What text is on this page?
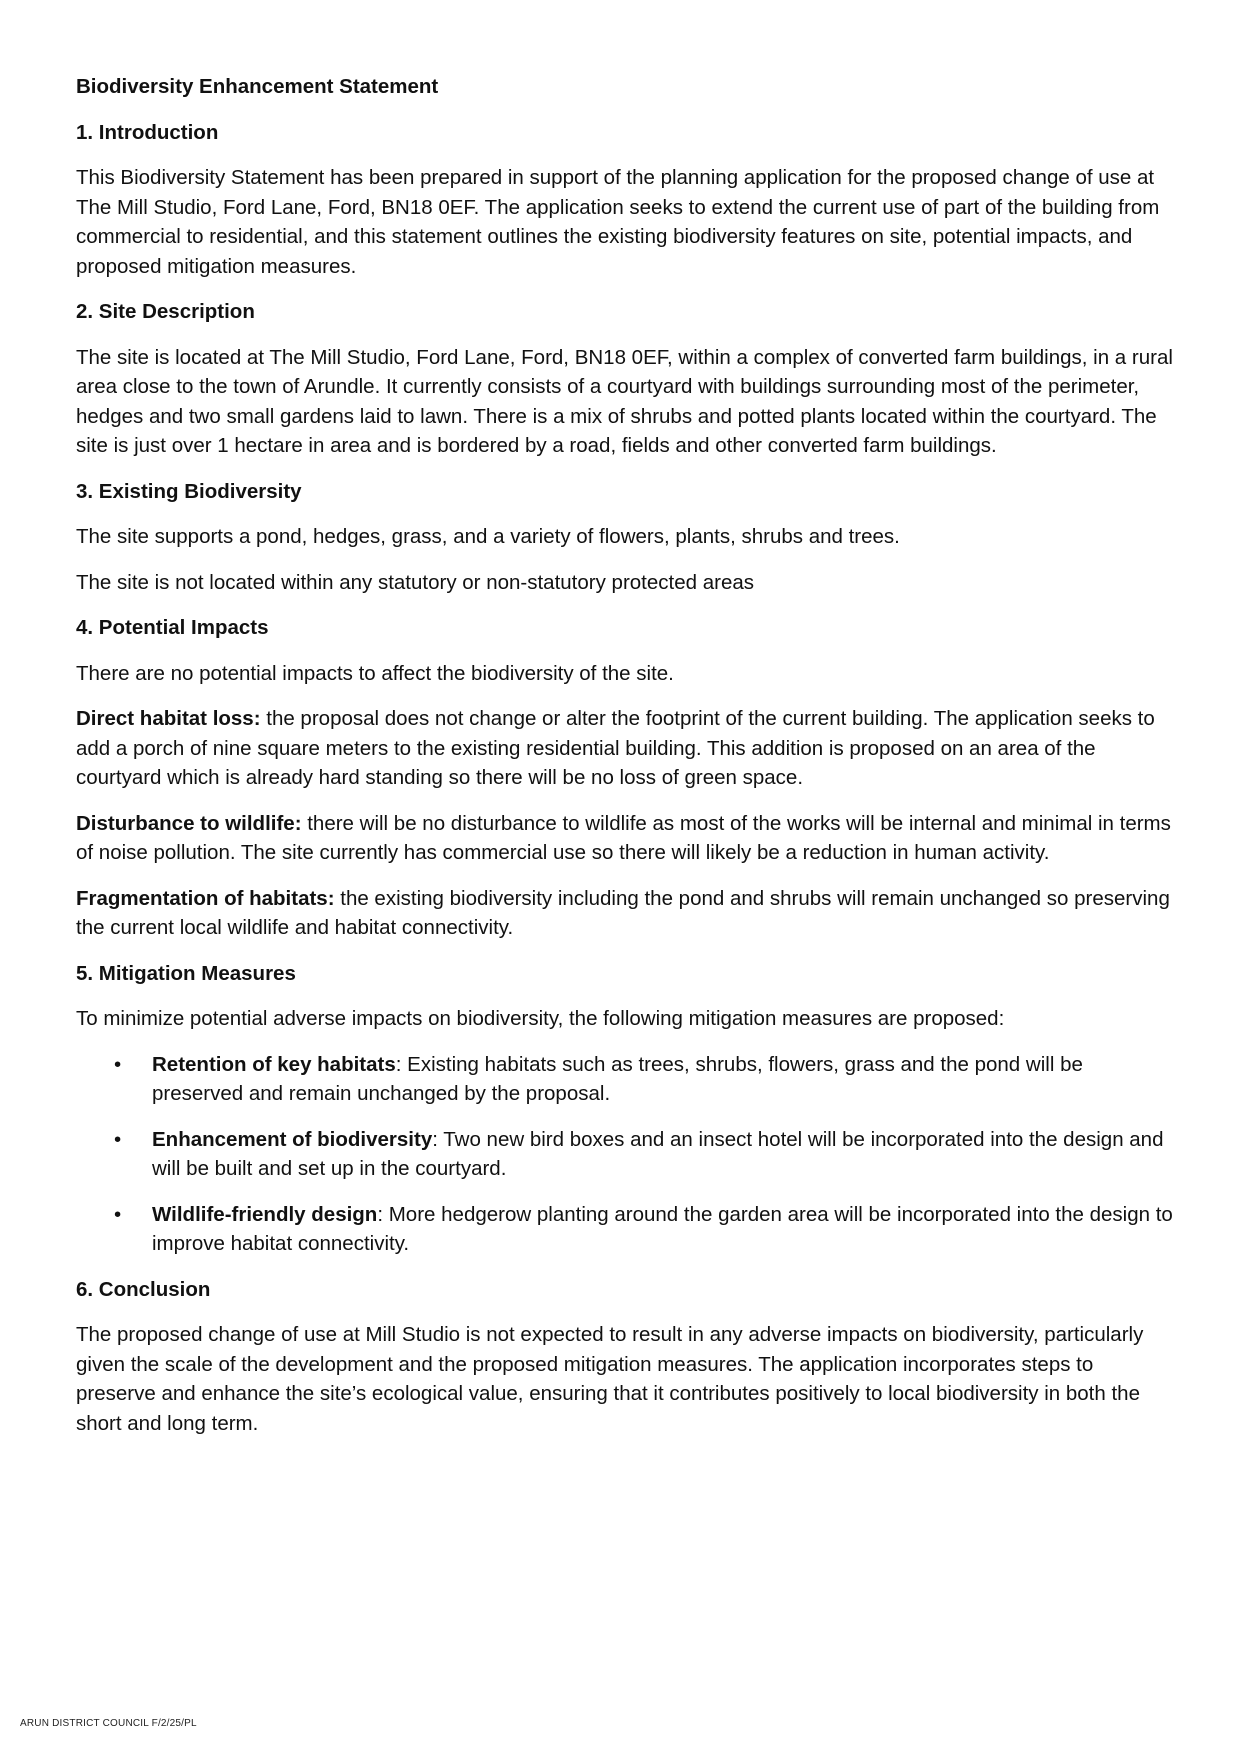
Biodiversity Enhancement Statement
1. Introduction

This Biodiversity Statement has been prepared in support of the planning application for the proposed change of use at The Mill Studio, Ford Lane, Ford, BN18 0EF. The application seeks to extend the current use of part of the building from commercial to residential, and this statement outlines the existing biodiversity features on site, potential impacts, and proposed mitigation measures.

2. Site Description

The site is located at The Mill Studio, Ford Lane, Ford, BN18 0EF, within a complex of converted farm buildings, in a rural area close to the town of Arundle. It currently consists of a courtyard with buildings surrounding most of the perimeter, hedges and two small gardens laid to lawn. There is a mix of shrubs and potted plants located within the courtyard. The site is just over 1 hectare in area and is bordered by a road, fields and other converted farm buildings.

3. Existing Biodiversity

The site supports a pond, hedges, grass, and a variety of flowers, plants, shrubs and trees.

The site is not located within any statutory or non-statutory protected areas

4. Potential Impacts

There are no potential impacts to affect the biodiversity of the site.

Direct habitat loss: the proposal does not change or alter the footprint of the current building. The application seeks to add a porch of nine square meters to the existing residential building. This addition is proposed on an area of the courtyard which is already hard standing so there will be no loss of green space.

Disturbance to wildlife: there will be no disturbance to wildlife as most of the works will be internal and minimal in terms of noise pollution. The site currently has commercial use so there will likely be a reduction in human activity.

Fragmentation of habitats: the existing biodiversity including the pond and shrubs will remain unchanged so preserving the current local wildlife and habitat connectivity.

5. Mitigation Measures

To minimize potential adverse impacts on biodiversity, the following mitigation measures are proposed:

• Retention of key habitats: Existing habitats such as trees, shrubs, flowers, grass and the pond will be preserved and remain unchanged by the proposal.
• Enhancement of biodiversity: Two new bird boxes and an insect hotel will be incorporated into the design and will be built and set up in the courtyard.
• Wildlife-friendly design: More hedgerow planting around the garden area will be incorporated into the design to improve habitat connectivity.
6. Conclusion

The proposed change of use at Mill Studio is not expected to result in any adverse impacts on biodiversity, particularly given the scale of the development and the proposed mitigation measures. The application incorporates steps to preserve and enhance the site’s ecological value, ensuring that it contributes positively to local biodiversity in both the short and long term.

ARUN DISTRICT COUNCIL F/2/25/PL
